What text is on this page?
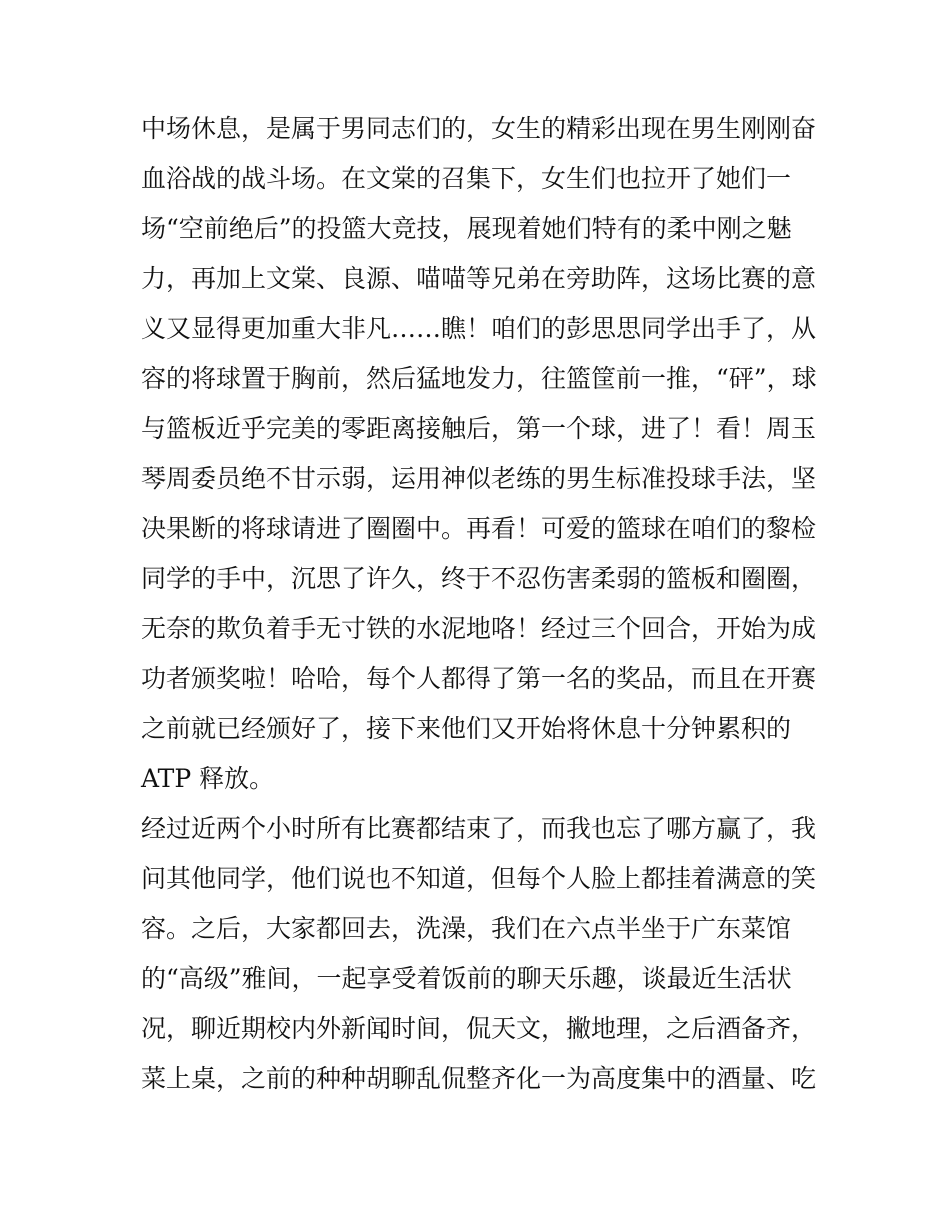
中场休息，是属于男同志们的，女生的精彩出现在男生刚刚奋
血浴战的战斗场。在文棠的召集下，女生们也拉开了她们一
场“空前绝后”的投篮大竞技，展现着她们特有的柔中刚之魅
力，再加上文棠、良源、喵喵等兄弟在旁助阵，这场比赛的意
义又显得更加重大非凡……瞧！咱们的彭思思同学出手了，从
容的将球置于胸前，然后猛地发力，往篮筐前一推，“砰”，球
与篮板近乎完美的零距离接触后，第一个球，进了！看！周玉
琴周委员绝不甘示弱，运用神似老练的男生标准投球手法，坚
决果断的将球请进了圈圈中。再看！可爱的篮球在咱们的黎检
同学的手中，沉思了许久，终于不忍伤害柔弱的篮板和圈圈，
无奈的欺负着手无寸铁的水泥地咯！经过三个回合，开始为成
功者颁奖啦！哈哈，每个人都得了第一名的奖品，而且在开赛
之前就已经颁好了，接下来他们又开始将休息十分钟累积的
ATP 释放。
经过近两个小时所有比赛都结束了，而我也忘了哪方赢了，我
问其他同学，他们说也不知道，但每个人脸上都挂着满意的笑
容。之后，大家都回去，洗澡，我们在六点半坐于广东菜馆
的“高级”雅间，一起享受着饭前的聊天乐趣，谈最近生活状
况，聊近期校内外新闻时间，侃天文，撇地理，之后酒备齐，
菜上桌，之前的种种胡聊乱侃整齐化一为高度集中的酒量、吃
